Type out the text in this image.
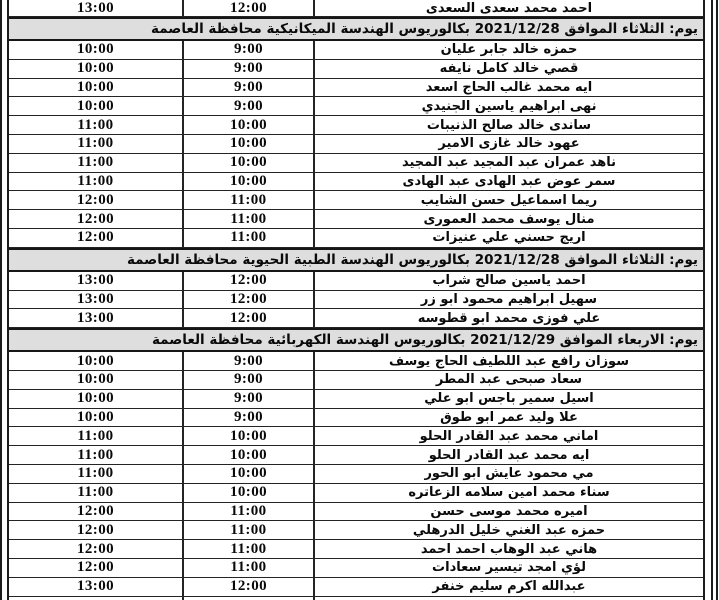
13:00	12:00	احمد محمد سعدى السعدى
يوم: الثلاثاء الموافق 2021/12/28 بكالوريوس الهندسة الميكانيكية محافظة العاصمة
10:00	9:00	حمزه خالد جابر عليان
10:00	9:00	قصي خالد كامل نايفه
10:00	9:00	ايه محمد غالب الحاج اسعد
10:00	9:00	نهى ابراهيم ياسين الجنيدي
11:00	10:00	ساندى خالد صالح الذنيبات
11:00	10:00	عهود خالد غازى الامير
11:00	10:00	ناهد عمران عبد المجيد عبد المجيد
11:00	10:00	سمر عوض عبد الهادى عبد الهادى
12:00	11:00	ريما اسماعيل حسن الشايب
12:00	11:00	منال يوسف محمد العمورى
12:00	11:00	اريج حسني علي عنيزات
يوم: الثلاثاء الموافق 2021/12/28 بكالوريوس الهندسة الطبية الحيوية محافظة العاصمة
13:00	12:00	احمد ياسين صالح شراب
13:00	12:00	سهيل ابراهيم محمود ابو زر
13:00	12:00	علي فوزى محمد ابو قطوسه
يوم: الاربعاء الموافق 2021/12/29 بكالوريوس الهندسة الكهربائية محافظة العاصمة
10:00	9:00	سوزان رافع عبد اللطيف الحاج يوسف
10:00	9:00	سعاد صبحى عبد المطر
10:00	9:00	اسيل سمير باجس ابو علي
10:00	9:00	علا وليد عمر ابو طوق
11:00	10:00	اماني محمد عبد القادر الحلو
11:00	10:00	ايه محمد عبد القادر الحلو
11:00	10:00	مي محمود عايش ابو الحور
11:00	10:00	سناء محمد امين سلامه الزعاتره
12:00	11:00	اميره محمد موسى حسن
12:00	11:00	حمزه عبد الغني خليل الدرهلي
12:00	11:00	هاني عبد الوهاب احمد احمد
12:00	11:00	لؤي امجد تيسير سعادات
13:00	12:00	عبدالله اكرم سليم خنفر
